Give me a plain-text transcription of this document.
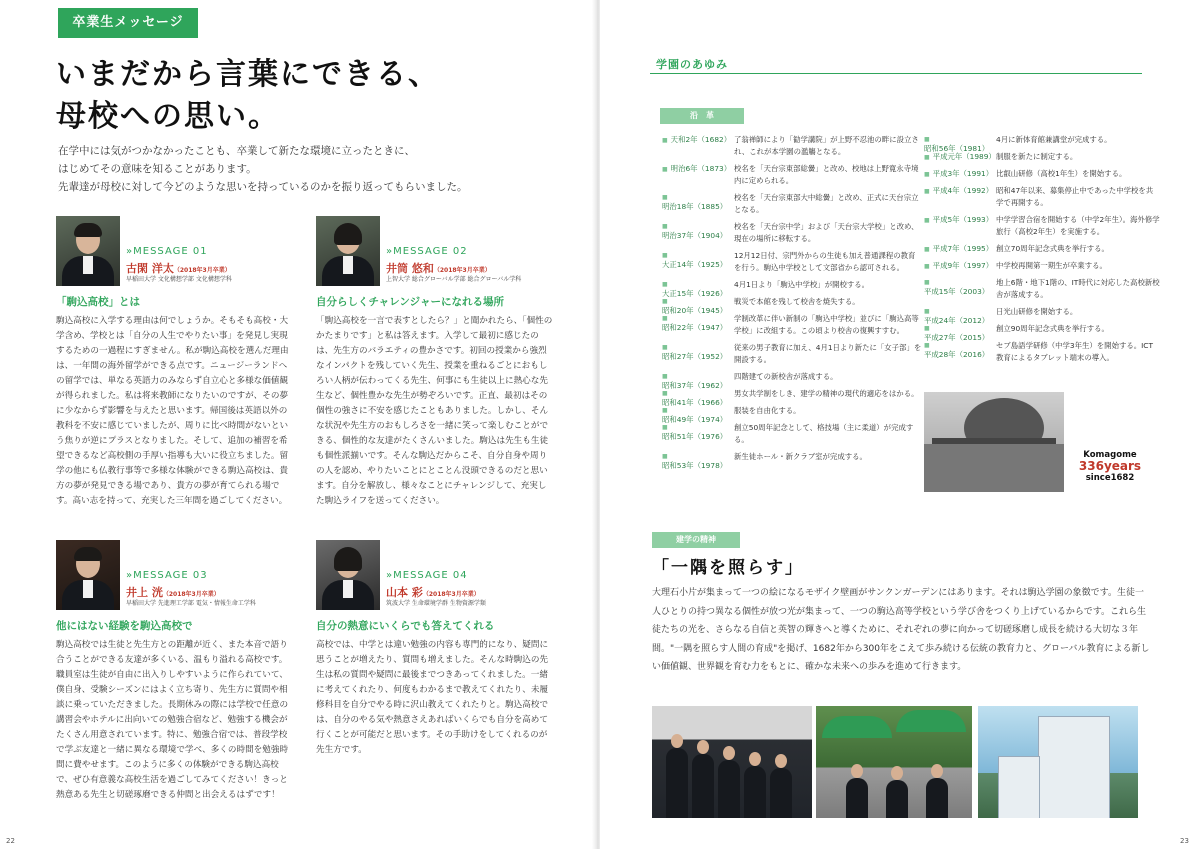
卒業生メッセージ
いまだから言葉にできる、
母校への思い。
在学中には気がつかなかったことも、卒業して新たな環境に立ったときに、
はじめてその意味を知ることがあります。
先輩達が母校に対して今どのような思いを持っているのかを振り返ってもらいました。
»MESSAGE 01
古閑 洋太（2018年3月卒業）
早稲田大学 文化構想学部 文化構想学科
「駒込高校」とは
駒込高校に入学する理由は何でしょうか。そもそも高校・大学含め、学校とは「自分の人生でやりたい事」を発見し実現するための一過程にすぎません。私が駒込高校を選んだ理由は、一年間の海外留学ができる点です。ニュージーランドへの留学では、単なる英語力のみならず自立心と多様な価値観が得られました。私は将来教師になりたいのですが、その夢に少なからず影響を与えたと思います。帰国後は英語以外の教科を不安に感じていましたが、周りに比べ時間がないという焦りが逆にプラスとなりました。そして、追加の補習を希望できるなど高校側の手厚い指導も大いに役立ちました。留学の他にも仏教行事等で多様な体験ができる駒込高校は、貴方の夢が発見できる場であり、貴方の夢が育てられる場です。高い志を持って、充実した三年間を過ごしてください。
»MESSAGE 02
井筒 悠和（2018年3月卒業）
上智大学 総合グローバル学部 総合グローバル学科
自分らしくチャレンジャーになれる場所
「駒込高校を一言で表すとしたら？」と聞かれたら、「個性のかたまりです」と私は答えます。入学して最初に感じたのは、先生方のバラエティの豊かさです。初回の授業から強烈なインパクトを残していく先生、授業を重ねるごとにおもしろい人柄が伝わってくる先生、何事にも生徒以上に熱心な先生など、個性豊かな先生が勢ぞろいです。正直、最初はその個性の強さに不安を感じたこともありました。しかし、そんな状況や先生方のおもしろさを一緒に笑って楽しむことができる、個性的な友達がたくさんいました。駒込は先生も生徒も個性派揃いです。そんな駒込だからこそ、自分自身や周りの人を認め、やりたいことにとことん没頭できるのだと思います。自分を解放し、様々なことにチャレンジして、充実した駒込ライフを送ってください。
»MESSAGE 03
井上 洸（2018年3月卒業）
早稲田大学 先進理工学部 電気・情報生命工学科
他にはない経験を駒込高校で
駒込高校では生徒と先生方との距離が近く、また本音で語り合うことができる友達が多くいる、温もり溢れる高校です。職員室は生徒が自由に出入りしやすいように作られていて、僕自身、受験シーズンにはよく立ち寄り、先生方に質問や相談に乗っていただきました。長期休みの際には学校で任意の講習会やホテルに出向いての勉強合宿など、勉強する機会がたくさん用意されています。特に、勉強合宿では、普段学校で学ぶ友達と一緒に異なる環境で学べ、多くの時間を勉強時間に費やせます。このように多くの体験ができる駒込高校で、ぜひ有意義な高校生活を過ごしてみてください！きっと熱意ある先生と切磋琢磨できる仲間と出会えるはずです！
»MESSAGE 04
山本 彩（2018年3月卒業）
筑波大学 生命環境学群 生物資源学類
自分の熱意にいくらでも答えてくれる
高校では、中学とは違い勉強の内容も専門的になり、疑問に思うことが増えたり、質問も増えました。そんな時駒込の先生は私の質問や疑問に最後までつきあってくれました。一緒に考えてくれたり、何度もわかるまで教えてくれたり、未履修科目を自分でやる時に沢山教えてくれたりと。駒込高校では、自分のやる気や熱意さえあればいくらでも自分を高めて行くことが可能だと思います。その手助けをしてくれるのが先生方です。
22
学園のあゆみ
沿　革
■ 天和2年（1682） 了翁禅師により「勧学講院」が上野不忍池の畔に設立され、これが本学園の濫觴となる。
■ 明治6年（1873） 校名を「天台宗東部総黌」と改め、校地は上野寛永寺境内に定められる。
■ 明治18年（1885）
校名を「天台宗東部大中総黌」と改め、正式に天台宗立となる。
■ 明治37年（1904）
校名を「天台宗中学」および「天台宗大学校」と改め、現在の場所に移転する。
■ 大正14年（1925）
12月12日付、宗門外からの生徒も加え普通課程の教育を行う。駒込中学校として文部省から認可される。
■ 大正15年（1926）
4月1日より「駒込中学校」が開校する。
■ 昭和20年（1945）
戦災で本館を残して校舎を焼失する。
■ 昭和22年（1947）
学制改革に伴い新制の「駒込中学校」並びに「駒込高等学校」に改組する。この頃より校舎の復興すすむ。
■ 昭和27年（1952）
従来の男子教育に加え、4月1日より新たに「女子部」を開設する。
■ 昭和37年（1962）
四階建ての新校舎が落成する。
■ 昭和41年（1966）
男女共学制をしき、建学の精神の現代的適応をはかる。
■ 昭和49年（1974）
服装を自由化する。
■ 昭和51年（1976）
創立50周年記念として、格技場（主に柔道）が完成する。
■ 昭和53年（1978）
新生徒ホール・新クラブ室が完成する。
■ 昭和56年（1981）
4月に新体育館兼講堂が完成する。
■ 平成元年（1989） 制服を新たに制定する。
■ 平成3年（1991） 比叡山研修（高校1年生）を開始する。
■ 平成4年（1992） 昭和47年以来、募集停止中であった中学校を共学で再開する。
■ 平成5年（1993） 中学学習合宿を開始する（中学2年生）。海外修学旅行（高校2年生）を実施する。
■ 平成7年（1995） 創立70周年記念式典を挙行する。
■ 平成9年（1997） 中学校再開第一期生が卒業する。
■ 平成15年（2003）
地上6階・地下1階の、IT時代に対応した高校新校舎が落成する。
■ 平成24年（2012）
日光山研修を開始する。
■ 平成27年（2015）
創立90周年記念式典を挙行する。
■ 平成28年（2016）
セブ島語学研修（中学3年生）を開始する。ICT教育によるタブレット端末の導入。
Komagome
336years
since1682
建学の精神
「一隅を照らす」
大理石小片が集まって一つの絵になるモザイク壁画がサンクンガーデンにはあります。それは駒込学園の象徴です。生徒一人ひとりの持つ異なる個性が放つ光が集まって、一つの駒込高等学校という学び舎をつくり上げているからです。これら生徒たちの光を、さらなる自信と英智の輝きへと導くために、それぞれの夢に向かって切磋琢磨し成長を続ける大切な３年間。"一隅を照らす人間の育成"を掲げ、1682年から300年をこえて歩み続ける伝統の教育力と、グローバル教育による新しい価値観、世界観を育む力をもとに、確かな未来への歩みを進めて行きます。
23
